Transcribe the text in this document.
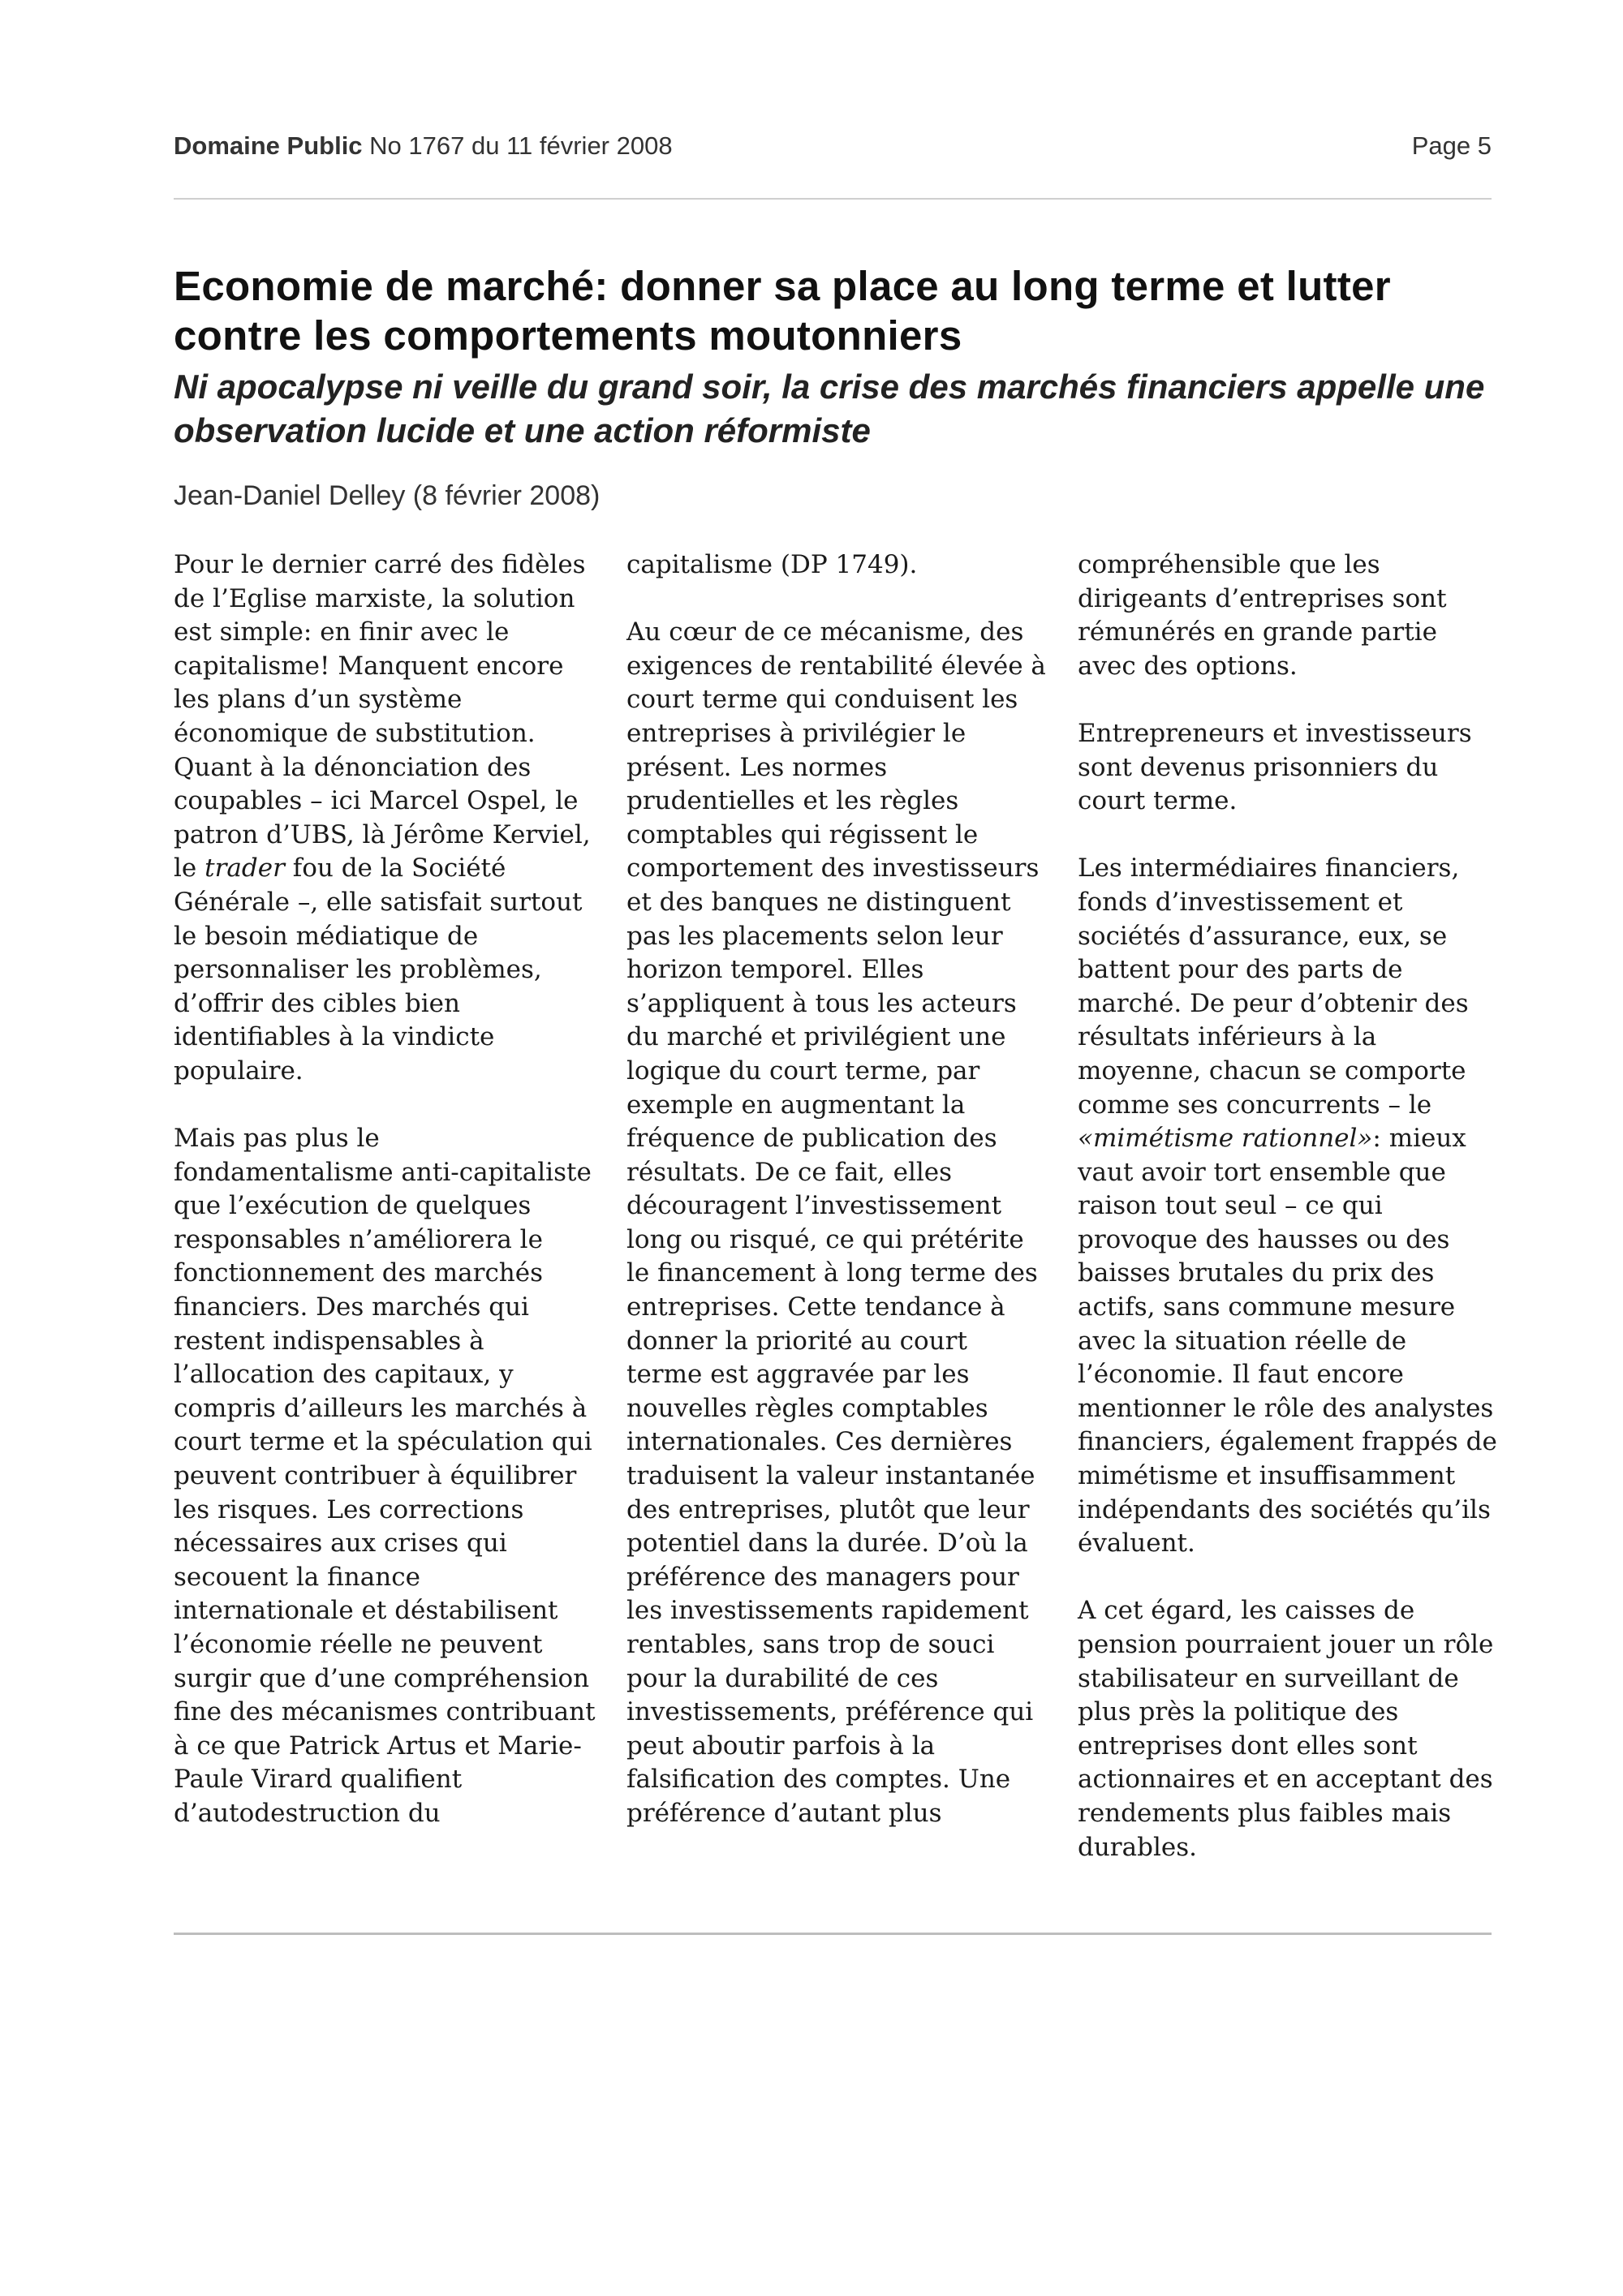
Domaine Public No 1767 du 11 février 2008	Page 5
Economie de marché: donner sa place au long terme et lutter contre les comportements moutonniers
Ni apocalypse ni veille du grand soir, la crise des marchés financiers appelle une observation lucide et une action réformiste
Jean-Daniel Delley (8 février 2008)

Pour le dernier carré des fidèles de l’Eglise marxiste, la solution est simple: en finir avec le capitalisme! Manquent encore les plans d’un système économique de substitution. Quant à la dénonciation des coupables – ici Marcel Ospel, le patron d’UBS, là Jérôme Kerviel, le trader fou de la Société Générale –, elle satisfait surtout le besoin médiatique de personnaliser les problèmes, d’offrir des cibles bien identifiables à la vindicte populaire.

Mais pas plus le fondamentalisme anti-capitaliste que l’exécution de quelques responsables n’améliorera le fonctionnement des marchés financiers. Des marchés qui restent indispensables à l’allocation des capitaux, y compris d’ailleurs les marchés à court terme et la spéculation qui peuvent contribuer à équilibrer les risques. Les corrections nécessaires aux crises qui secouent la finance internationale et déstabilisent l’économie réelle ne peuvent surgir que d’une compréhension fine des mécanismes contribuant à ce que Patrick Artus et Marie-Paule Virard qualifient d’autodestruction du

capitalisme (DP 1749).

Au cœur de ce mécanisme, des exigences de rentabilité élevée à court terme qui conduisent les entreprises à privilégier le présent. Les normes prudentielles et les règles comptables qui régissent le comportement des investisseurs et des banques ne distinguent pas les placements selon leur horizon temporel. Elles s’appliquent à tous les acteurs du marché et privilégient une logique du court terme, par exemple en augmentant la fréquence de publication des résultats. De ce fait, elles découragent l’investissement long ou risqué, ce qui prétérite le financement à long terme des entreprises. Cette tendance à donner la priorité au court terme est aggravée par les nouvelles règles comptables internationales. Ces dernières traduisent la valeur instantanée des entreprises, plutôt que leur potentiel dans la durée. D’où la préférence des managers pour les investissements rapidement rentables, sans trop de souci pour la durabilité de ces investissements, préférence qui peut aboutir parfois à la falsification des comptes. Une préférence d’autant plus

compréhensible que les dirigeants d’entreprises sont rémunérés en grande partie avec des options.

Entrepreneurs et investisseurs sont devenus prisonniers du court terme.

Les intermédiaires financiers, fonds d’investissement et sociétés d’assurance, eux, se battent pour des parts de marché. De peur d’obtenir des résultats inférieurs à la moyenne, chacun se comporte comme ses concurrents – le «mimétisme rationnel»: mieux vaut avoir tort ensemble que raison tout seul – ce qui provoque des hausses ou des baisses brutales du prix des actifs, sans commune mesure avec la situation réelle de l’économie. Il faut encore mentionner le rôle des analystes financiers, également frappés de mimétisme et insuffisamment indépendants des sociétés qu’ils évaluent.

A cet égard, les caisses de pension pourraient jouer un rôle stabilisateur en surveillant de plus près la politique des entreprises dont elles sont actionnaires et en acceptant des rendements plus faibles mais durables.
